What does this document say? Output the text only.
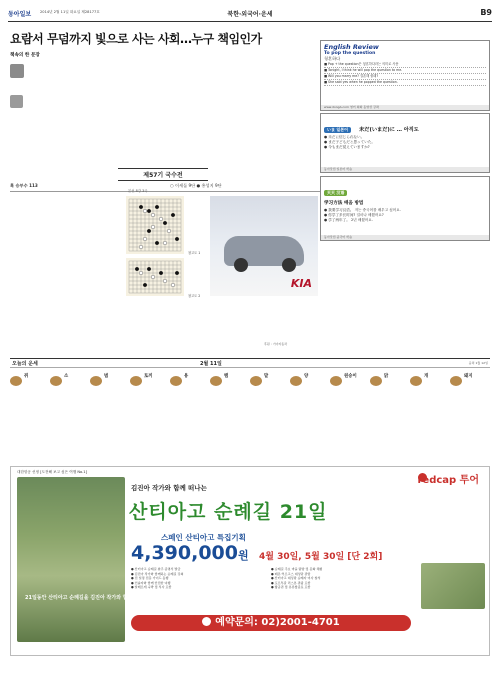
동아일보 2014년 2월 11일 화요일 제28177호	북한·외국어·운세	B9
요람서 무덤까지 빛으로 사는 사회…누구 책임인가
책속의 한 문장
English Review
To pop the question
청혼하다
■ Pop + the question은 청혼하다라는 의미로 사용
■ Tonight, I think he will pop the question to me.
■ Will you marry me? 결혼해 줄래?
■ She said yes when he popped the question.
www.dongA.com 영어 회화 동영상 강좌
いま 일본어 未だ(いまだ)に … 아직도
● 未だに信じられない。
● まだ子どもだと思っていた。
● 今もまだ覚えていますか?
동아닷컴 일본어 학습
天天 汉语
学习方法 배움 방법
● 我要学习汉语。 저는 중국어를 배우고 싶어요.
● 你学了多长时间? 얼마나 배웠어요?
● 学了两年了。 2년 배웠어요.
동아닷컴 중국어 학습
제57기 국수전
흑 승부수 113	○ 이세돌 9단 ● 홍성지 9단
본선 8강 3국
참고도 1
참고도 2
KIA
후원 : 기아자동차
오늘의 운세	2월 11일	음력 1월 12일
쥐	소	범	토끼	용	뱀	말	양	원숭이	닭	개	돼지
21일동안 산티아고 순례길을 김진아 작가와 함께!
대한항공 선정 [도전해 보고 싶은 여행 No.1]
redcap 투어
김진아 작가와 함께 떠나는
산티아고 순례길 21일
스페인 산티아고 특집기획
4,390,000원 4월 30일, 5월 30일 [단 2회]
● 산티아고 순례길 완주 증명서 발급
● 김진아 작가와 함께하는 순례길 강의
● 전 일정 전문 가이드 동행
● 인솔자와 함께 안전한 여행
● 알베르게 숙박 및 식사 포함
● 순례길 주요 마을 탐방 및 문화 체험
● 레온·부르고스 대성당 관람
● 산티아고 대성당 순례자 미사 참석
● 포르투갈 리스본 관광 포함
● 항공권 및 유류할증료 포함
예약문의: 02)2001-4701
